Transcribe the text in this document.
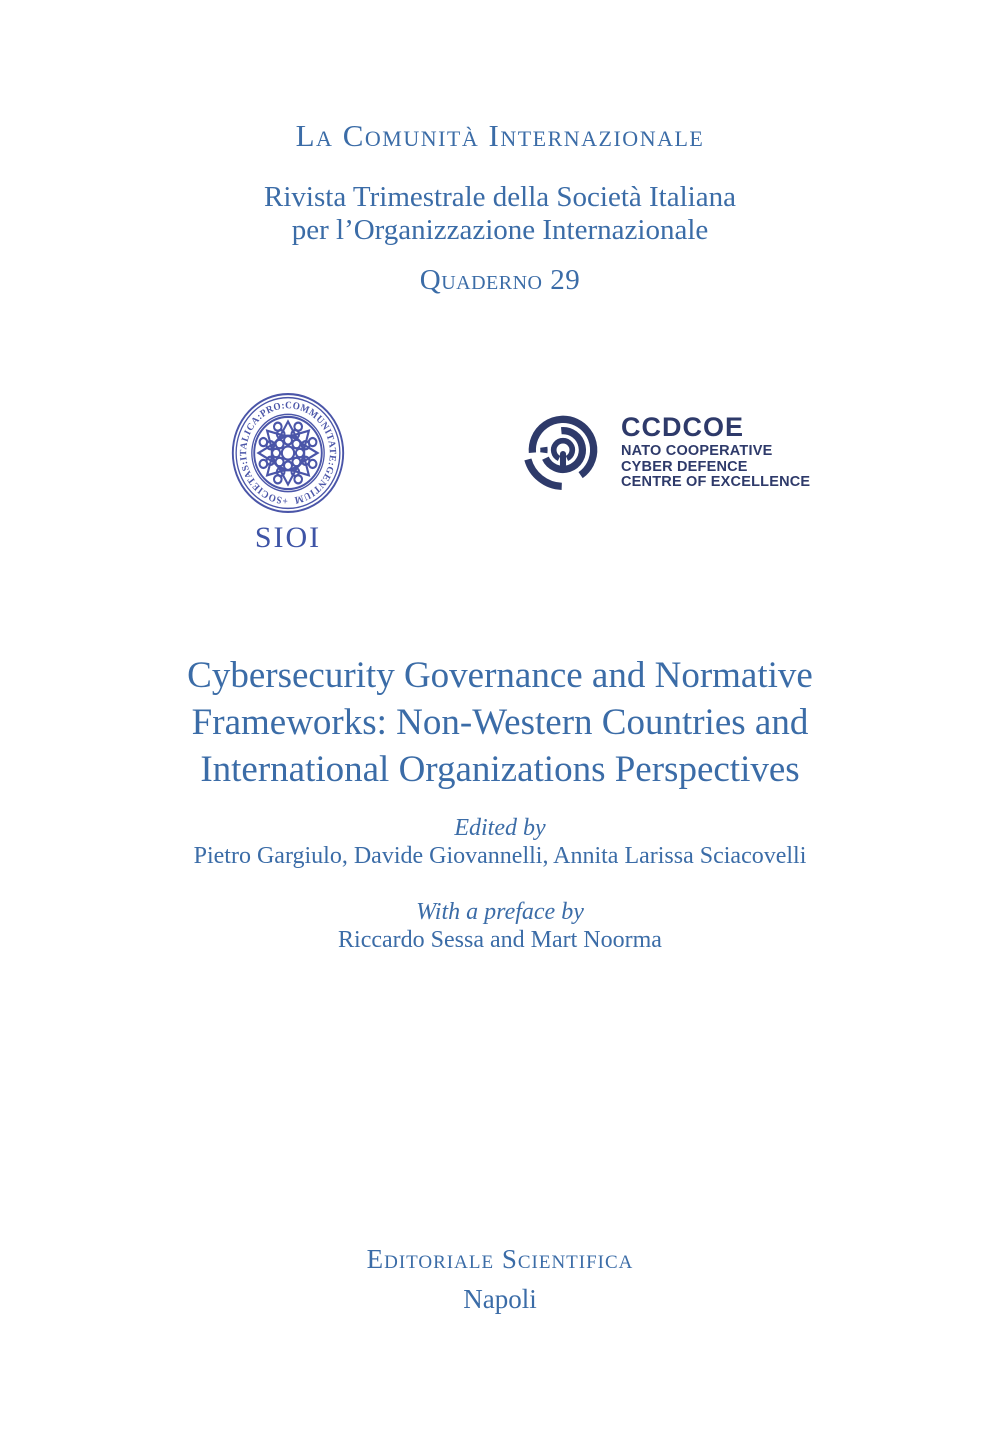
La Comunità Internazionale
Rivista Trimestrale della Società Italiana
per l’Organizzazione Internazionale
Quaderno 29
+SOCIETAS:ITALICA:PRO:COMMUNITATE:GENTIUM
SIOI
CCDCOE
NATO COOPERATIVE
CYBER DEFENCE
CENTRE OF EXCELLENCE
Cybersecurity Governance and Normative
Frameworks: Non-Western Countries and
International Organizations Perspectives
Edited by
Pietro Gargiulo, Davide Giovannelli, Annita Larissa Sciacovelli
With a preface by
Riccardo Sessa and Mart Noorma
Editoriale Scientifica
Napoli
